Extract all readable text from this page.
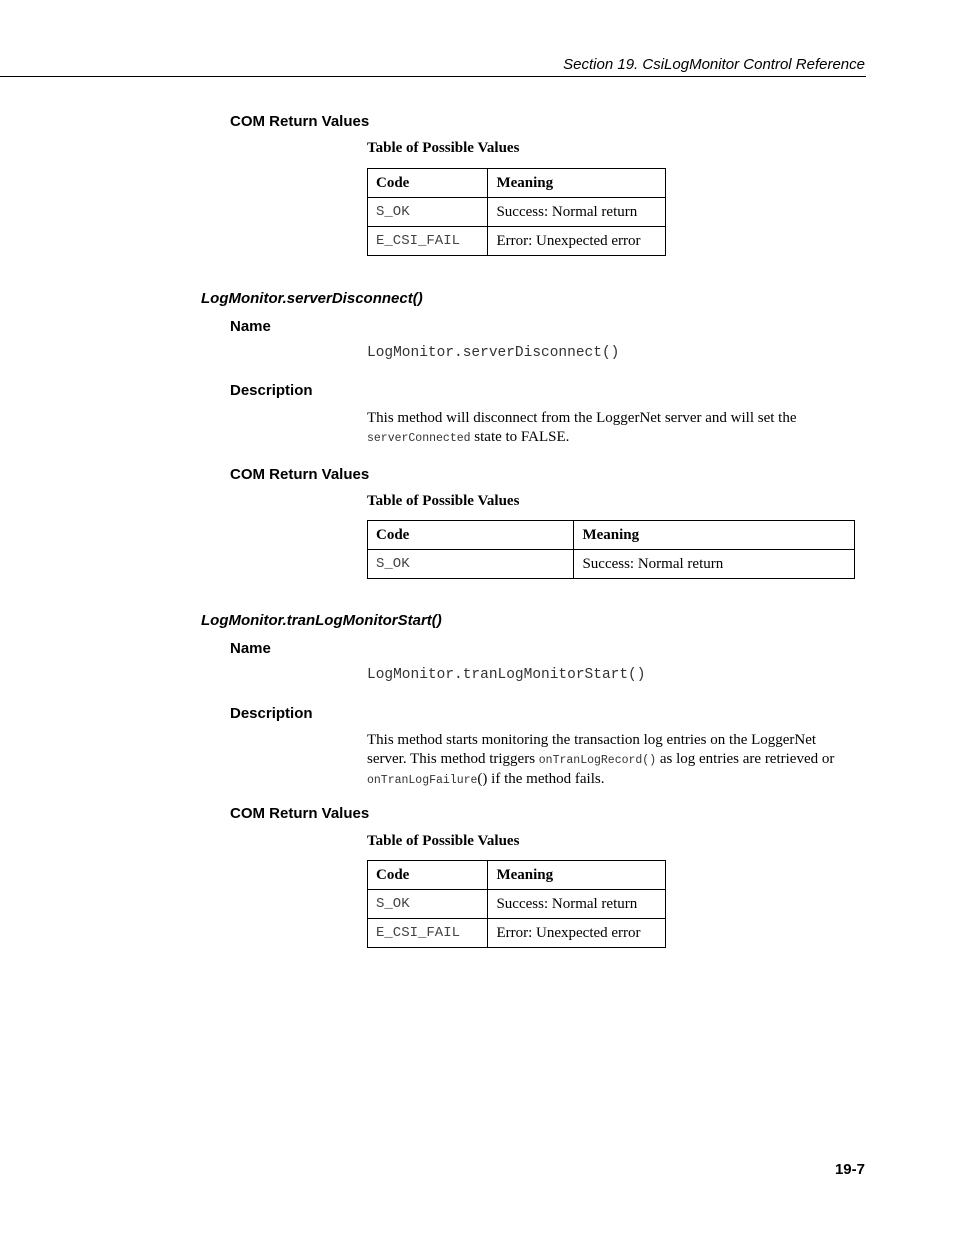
Section 19. CsiLogMonitor Control Reference
COM Return Values
Table of Possible Values
Code	Meaning
S_OK	Success: Normal return
E_CSI_FAIL	Error: Unexpected error
LogMonitor.serverDisconnect()
Name
LogMonitor.serverDisconnect()
Description
This method will disconnect from the LoggerNet server and will set the
serverConnected state to FALSE.
COM Return Values
Table of Possible Values
Code	Meaning
S_OK	Success: Normal return
LogMonitor.tranLogMonitorStart()
Name
LogMonitor.tranLogMonitorStart()
Description
This method starts monitoring the transaction log entries on the LoggerNet server. This method triggers onTranLogRecord() as log entries are retrieved or onTranLogFailure() if the method fails.
COM Return Values
Table of Possible Values
Code	Meaning
S_OK	Success: Normal return
E_CSI_FAIL	Error: Unexpected error
19-7
